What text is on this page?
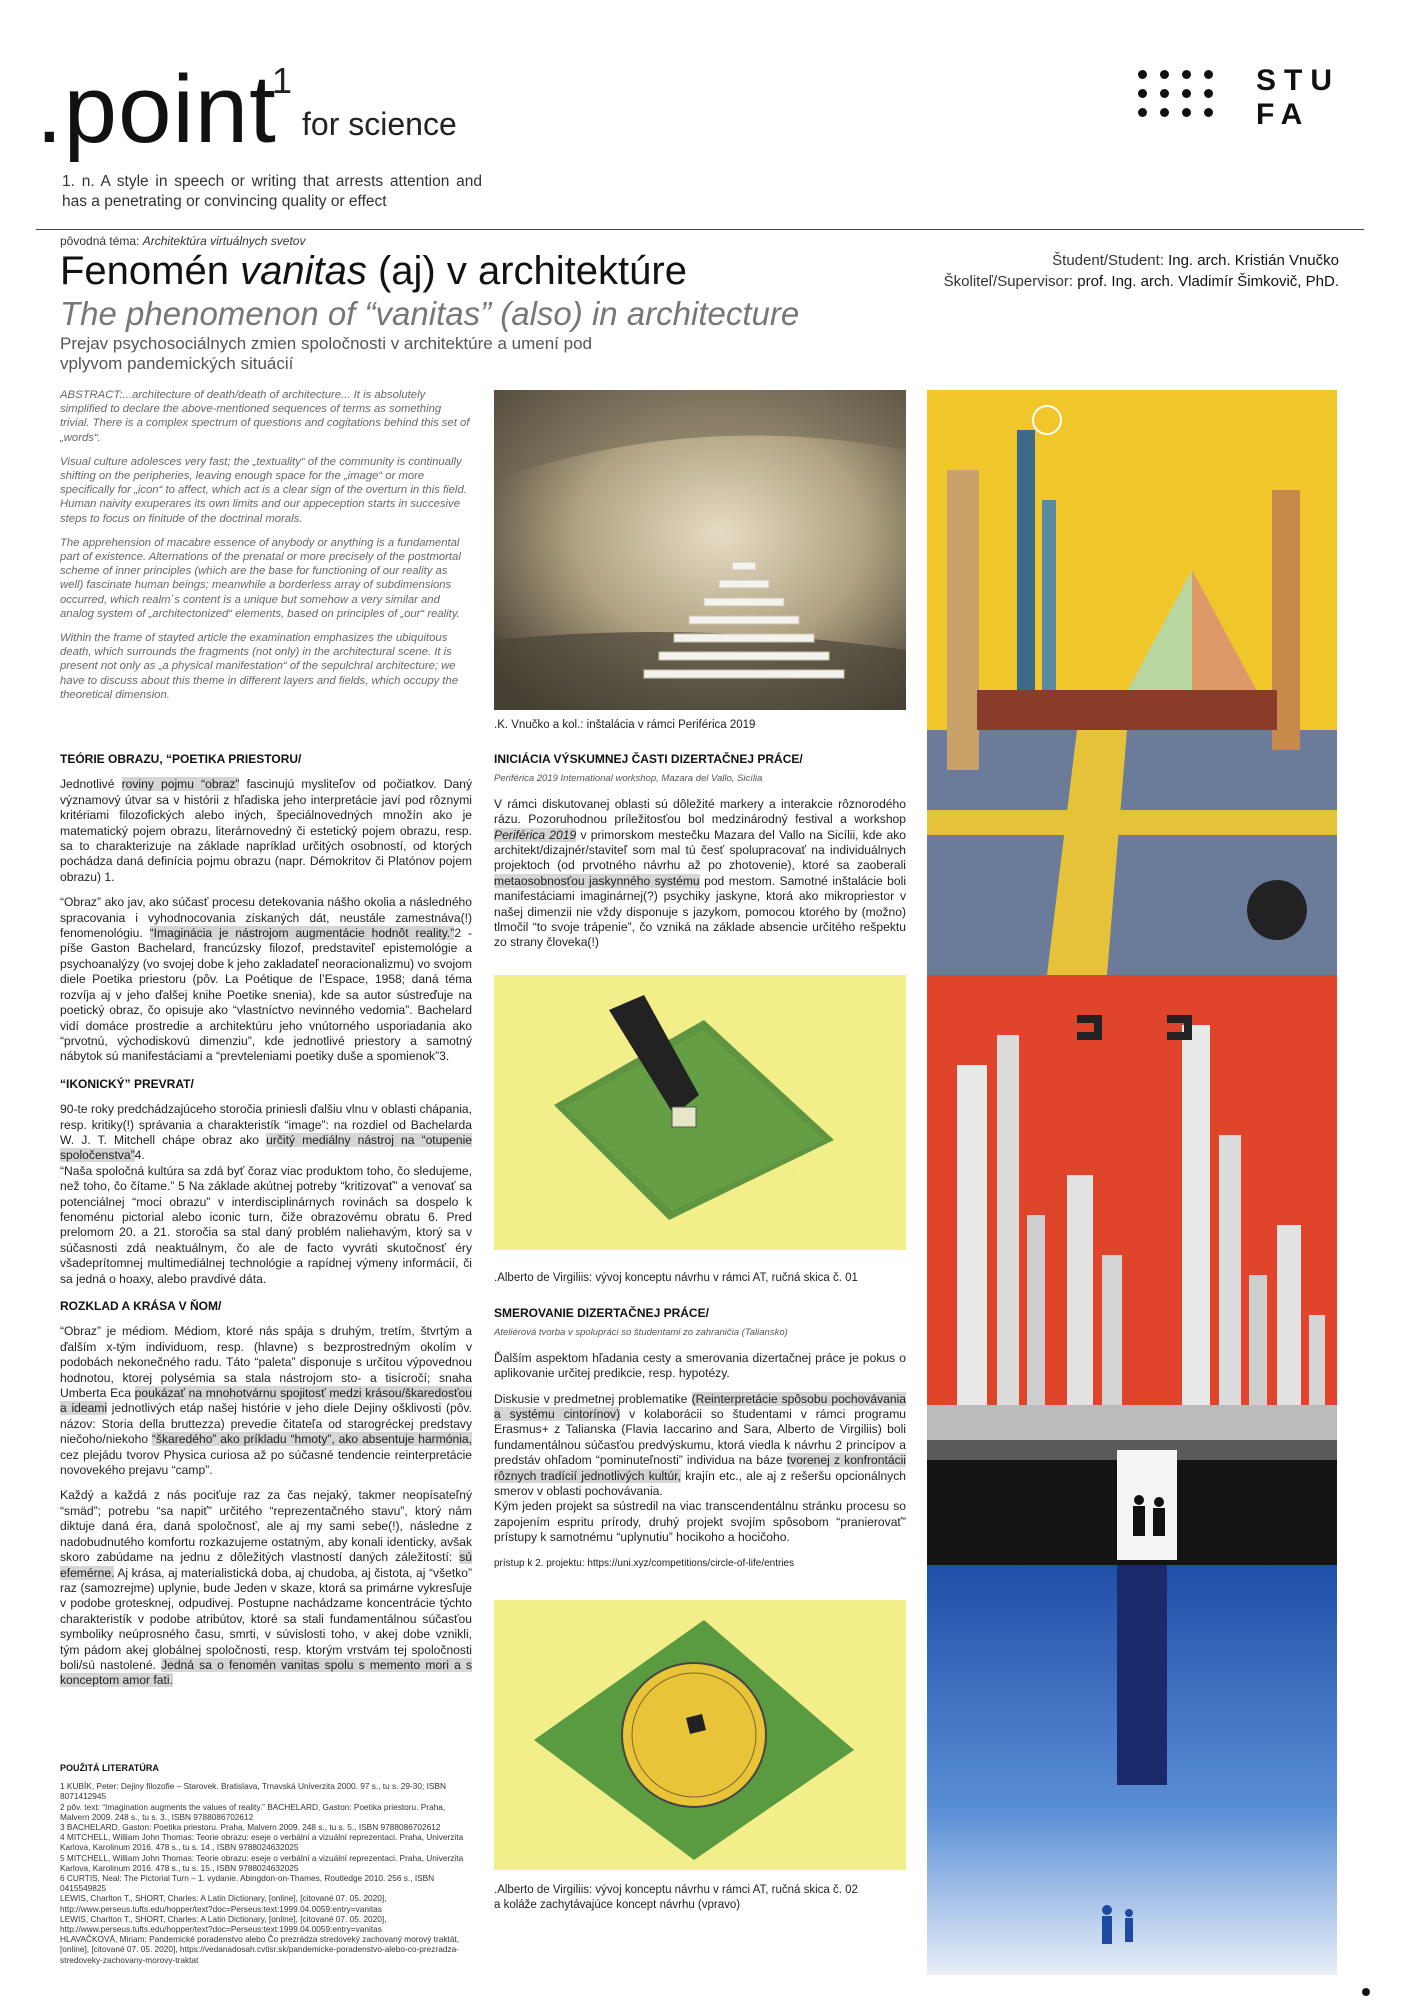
.point
1
for science
1. n. A style in speech or writing that arrests attention and has a penetrating or convincing quality or effect
STU
FA
pôvodná téma: Architektúra virtuálnych svetov
Fenomén vanitas (aj) v architektúre
The phenomenon of “vanitas” (also) in architecture
Prejav psychosociálnych zmien spoločnosti v architektúre a umení pod vplyvom pandemických situácií
Študent/Student: Ing. arch. Kristián Vnučko
Školiteľ/Supervisor: prof. Ing. arch. Vladimír Šimkovič, PhD.

ABSTRACT:...architecture of death/death of architecture... It is absolutely simplified to declare the above-mentioned sequences of terms as something trivial. There is a complex spectrum of questions and cogitations behind this set of „words“.

Visual culture adolesces very fast; the „textuality“ of the community is continually shifting on the peripheries, leaving enough space for the „image“ or more specifically for „icon“ to affect, which act is a clear sign of the overturn in this field. Human naivity exuperares its own limits and our appeception starts in succesive steps to focus on finitude of the doctrinal morals.

The apprehension of macabre essence of anybody or anything is a fundamental part of existence. Alternations of the prenatal or more precisely of the postmortal scheme of inner principles (which are the base for functioning of our reality as well) fascinate human beings; meanwhile a borderless array of subdimensions occurred, which realm´s content is a unique but somehow a very similar and analog system of „architectonized“ elements, based on principles of „our“ reality.

Within the frame of stayted article the examination emphasizes the ubiquitous death, which surrounds the fragments (not only) in the architectural scene. It is present not only as „a physical manifestation“ of the sepulchral architecture; we have to discuss about this theme in different layers and fields, which occupy the theoretical dimension.

TEÓRIE OBRAZU, “POETIKA PRIESTORU/

Jednotlivé roviny pojmu “obraz” fascinujú mysliteľov od počiatkov. Daný významový útvar sa v histórii z hľadiska jeho interpretácie javí pod rôznymi kritériami filozofických alebo iných, špeciálnovedných množín ako je matematický pojem obrazu, literárnovedný či estetický pojem obrazu, resp. sa to charakterizuje na základe napríklad určitých osobností, od ktorých pochádza daná definícia pojmu obrazu (napr. Démokritov či Platónov pojem obrazu) 1.

“Obraz” ako jav, ako súčasť procesu detekovania nášho okolia a následného spracovania i vyhodnocovania získaných dát, neustále zamestnáva(!) fenomenológiu. “Imaginácia je nástrojom augmentácie hodnôt reality.”2 - píše Gaston Bachelard, francúzsky filozof, predstaviteľ epistemológie a psychoanalýzy (vo svojej dobe k jeho zakladateľ neoracionalizmu) vo svojom diele Poetika priestoru (pôv. La Poétique de l’Espace, 1958; daná téma rozvíja aj v jeho ďalšej knihe Poetike snenia), kde sa autor sústreďuje na poetický obraz, čo opisuje ako “vlastníctvo nevinného vedomia”. Bachelard vidí domáce prostredie a architektúru jeho vnútorného usporiadania ako “prvotnú, východiskovú dimenziu”, kde jednotlivé priestory a samotný nábytok sú manifestáciami a “prevteleniami poetiky duše a spomienok”3.

“IKONICKÝ” PREVRAT/

90-te roky predchádzajúceho storočia priniesli ďalšiu vlnu v oblasti chápania, resp. kritiky(!) správania a charakteristík “image”: na rozdiel od Bachelarda W. J. T. Mitchell chápe obraz ako určitý mediálny nástroj na “otupenie spoločenstva”4.

“Naša spoločná kultúra sa zdá byť čoraz viac produktom toho, čo sledujeme, než toho, čo čítame.” 5 Na základe akútnej potreby “kritizovať” a venovať sa potenciálnej “moci obrazu” v interdisciplinárnych rovinách sa dospelo k fenoménu pictorial alebo iconic turn, čiže obrazovému obratu 6. Pred prelomom 20. a 21. storočia sa stal daný problém naliehavým, ktorý sa v súčasnosti zdá neaktuálnym, čo ale de facto vyvráti skutočnosť éry všadeprítomnej multimediálnej technológie a rapídnej výmeny informácií, či sa jedná o hoaxy, alebo pravdivé dáta.

ROZKLAD A KRÁSA V ŇOM/

“Obraz” je médiom. Médiom, ktoré nás spája s druhým, tretím, štvrtým a ďalším x-tým individuom, resp. (hlavne) s bezprostredným okolím v podobách nekonečného radu. Táto “paleta” disponuje s určitou výpovednou hodnotou, ktorej polysémia sa stala nástrojom sto- a tisícročí; snaha Umberta Eca poukázať na mnohotvárnu spojitosť medzi krásou/škaredosťou a ideami jednotlivých etáp našej histórie v jeho diele Dejiny ošklivosti (pôv. názov: Storia della bruttezza) prevedie čitateľa od starogréckej predstavy niečoho/niekoho “škaredého” ako príkladu “hmoty”, ako absentuje harmónia, cez plejádu tvorov Physica curiosa až po súčasné tendencie reinterpretácie novovekého prejavu “camp”.

Každý a každá z nás pociťuje raz za čas nejaký, takmer neopísateľný “smäd”; potrebu “sa napiť” určitého “reprezentačného stavu”, ktorý nám diktuje daná éra, daná spoločnosť, ale aj my sami sebe(!), následne z nadobudnutého komfortu rozkazujeme ostatným, aby konali identicky, avšak skoro zabúdame na jednu z dôležitých vlastností daných záležitostí: sú efemérne. Aj krása, aj materialistická doba, aj chudoba, aj čistota, aj “všetko” raz (samozrejme) uplynie, bude Jeden v skaze, ktorá sa primárne vykresľuje v podobe grotesknej, odpudivej. Postupne nachádzame koncentrácie týchto charakteristík v podobe atribútov, ktoré sa stali fundamentálnou súčasťou symboliky neúprosného času, smrti, v súvislosti toho, v akej dobe vznikli, tým pádom akej globálnej spoločnosti, resp. ktorým vrstvám tej spoločnosti boli/sú nastolené. Jedná sa o fenomén vanitas spolu s memento mori a s konceptom amor fati.

POUŽITÁ LITERATÚRA
1 KUBÍK, Peter: Dejiny filozofie – Starovek. Bratislava, Trnavská Univerzita 2000. 97 s., tu s. 29-30; ISBN 8071412945
2 pôv. text: “Imagination augments the values of reality.” BACHELARD, Gaston: Poetika priestoru. Praha, Malvern 2009. 248 s., tu s. 3., ISBN 9788086702612
3 BACHELARD, Gaston: Poetika priestoru. Praha, Malvern 2009. 248 s., tu s. 5., ISBN 9788086702612
4 MITCHELL, William John Thomas: Teorie obrazu: eseje o verbální a vizuální reprezentaci. Praha, Univerzita Karlova, Karolinum 2016. 478 s., tu s. 14., ISBN 9788024632025
5 MITCHELL, William John Thomas: Teorie obrazu: eseje o verbální a vizuální reprezentaci. Praha, Univerzita Karlova, Karolinum 2016. 478 s., tu s. 15., ISBN 9788024632025
6 CURTIS, Neal: The Pictorial Turn – 1. vydanie. Abingdon-on-Thames, Routledge 2010. 256 s., ISBN 0415549825
LEWIS, Charlton T., SHORT, Charles: A Latin Dictionary, [online], [citované 07. 05. 2020], http://www.perseus.tufts.edu/hopper/text?doc=Perseus:text:1999.04.0059:entry=vanitas
LEWIS, Charlton T., SHORT, Charles: A Latin Dictionary, [online], [citované 07. 05. 2020], http://www.perseus.tufts.edu/hopper/text?doc=Perseus:text:1999.04.0059:entry=vanitas
HLAVAČKOVÁ, Miriam: Pandemické poradenstvo alebo Čo prezrádza stredoveký zachovaný morový traktát, [online], [citované 07. 05. 2020], https://vedanadosah.cvtisr.sk/pandemicke-poradenstvo-alebo-co-prezradza-stredoveky-zachovany-morovy-traktat
.K. Vnučko a kol.: inštalácia v rámci Periférica 2019
INICIÁCIA VÝSKUMNEJ ČASTI DIZERTAČNEJ PRÁCE/
Periférica 2019 International workshop, Mazara del Vallo, Sicília

V rámci diskutovanej oblasti sú dôležité markery a interakcie rôznorodého rázu. Pozoruhodnou príležitosťou bol medzinárodný festival a workshop Periférica 2019 v primorskom mestečku Mazara del Vallo na Sicílii, kde ako architekt/dizajnér/staviteľ som mal tú česť spolupracovať na individuálnych projektoch (od prvotného návrhu až po zhotovenie), ktoré sa zaoberali metaosobnosťou jaskynného systému pod mestom. Samotné inštalácie boli manifestáciami imaginárnej(?) psychiky jaskyne, ktorá ako mikropriestor v našej dimenzii nie vždy disponuje s jazykom, pomocou ktorého by (možno) tlmočil “to svoje trápenie”, čo vzniká na základe absencie určitého rešpektu zo strany človeka(!)

.
.Alberto de Virgiliis: vývoj konceptu návrhu v rámci AT, ručná skica č. 01
SMEROVANIE DIZERTAČNEJ PRÁCE/
Ateliérová tvorba v spolupráci so študentami zo zahraničia (Taliansko)

Ďalším aspektom hľadania cesty a smerovania dizertačnej práce je pokus o aplikovanie určitej predikcie, resp. hypotézy.

Diskusie v predmetnej problematike (Reinterpretácie spôsobu pochovávania a systému cintorínov) v kolaborácii so študentami v rámci programu Erasmus+ z Talianska (Flavia Iaccarino and Sara, Alberto de Virgiliis) boli fundamentálnou súčasťou predvýskumu, ktorá viedla k návrhu 2 princípov a predstáv ohľadom “pominuteľnosti” individua na báze tvorenej z konfrontácii rôznych tradícií jednotlivých kultúr, krajín etc., ale aj z rešeršu opcionálnych smerov v oblasti pochovávania.

Kým jeden projekt sa sústredil na viac transcendentálnu stránku procesu so zapojením espritu prírody, druhý projekt svojím spôsobom “pranierovať” prístupy k samotnému “uplynutiu” hocikoho a hocičoho.

prístup k 2. projektu: https://uni.xyz/competitions/circle-of-life/entries

.Alberto de Virgiliis: vývoj konceptu návrhu v rámci AT, ručná skica č. 02
a koláže zachytávajúce koncept návrhu (vpravo)
